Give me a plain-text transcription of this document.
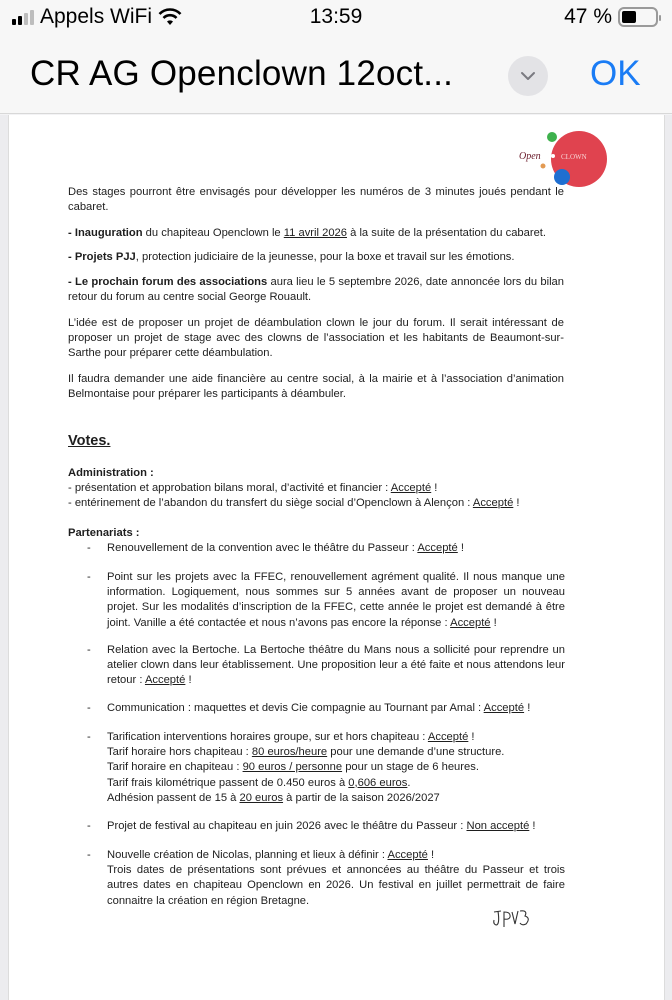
Appels WiFi	13:59	47 %
CR AG Openclown 12oct...	OK
Open	CLOWN
Des stages pourront être envisagés pour développer les numéros de 3 minutes joués pendant le cabaret.
- Inauguration du chapiteau Openclown le 11 avril 2026 à la suite de la présentation du cabaret.
- Projets PJJ, protection judiciaire de la jeunesse, pour la boxe et travail sur les émotions.
- Le prochain forum des associations aura lieu le 5 septembre 2026, date annoncée lors du bilan retour du forum au centre social George Rouault.
L’idée est de proposer un projet de déambulation clown le jour du forum. Il serait intéressant de proposer un projet de stage avec des clowns de l’association et les habitants de Beaumont-sur-Sarthe pour préparer cette déambulation.
Il faudra demander une aide financière au centre social, à la mairie et à l’association d’animation Belmontaise pour préparer les participants à déambuler.
Votes.
Administration :
- présentation et approbation bilans moral, d’activité et financier : Accepté !
- entérinement de l’abandon du transfert du siège social d’Openclown à Alençon : Accepté !
Partenariats :
- Renouvellement de la convention avec le théâtre du Passeur : Accepté !
- Point sur les projets avec la FFEC, renouvellement agrément qualité. Il nous manque une information. Logiquement, nous sommes sur 5 années avant de proposer un nouveau projet. Sur les modalités d’inscription de la FFEC, cette année le projet est demandé à être joint. Vanille a été contactée et nous n’avons pas encore la réponse : Accepté !
- Relation avec la Bertoche. La Bertoche théâtre du Mans nous a sollicité pour reprendre un atelier clown dans leur établissement. Une proposition leur a été faite et nous attendons leur retour : Accepté !
- Communication : maquettes et devis Cie compagnie au Tournant par Amal : Accepté !
- Tarification interventions horaires groupe, sur et hors chapiteau : Accepté !
Tarif horaire hors chapiteau : 80 euros/heure pour une demande d’une structure.
Tarif horaire en chapiteau : 90 euros / personne pour un stage de 6 heures.
Tarif frais kilométrique passent de 0.450 euros à 0,606 euros.
Adhésion passent de 15 à 20 euros à partir de la saison 2026/2027
- Projet de festival au chapiteau en juin 2026 avec le théâtre du Passeur : Non accepté !
- Nouvelle création de Nicolas, planning et lieux à définir : Accepté !
Trois dates de présentations sont prévues et annoncées au théâtre du Passeur et trois autres dates en chapiteau Openclown en 2026. Un festival en juillet permettrait de faire connaitre la création en région Bretagne.
